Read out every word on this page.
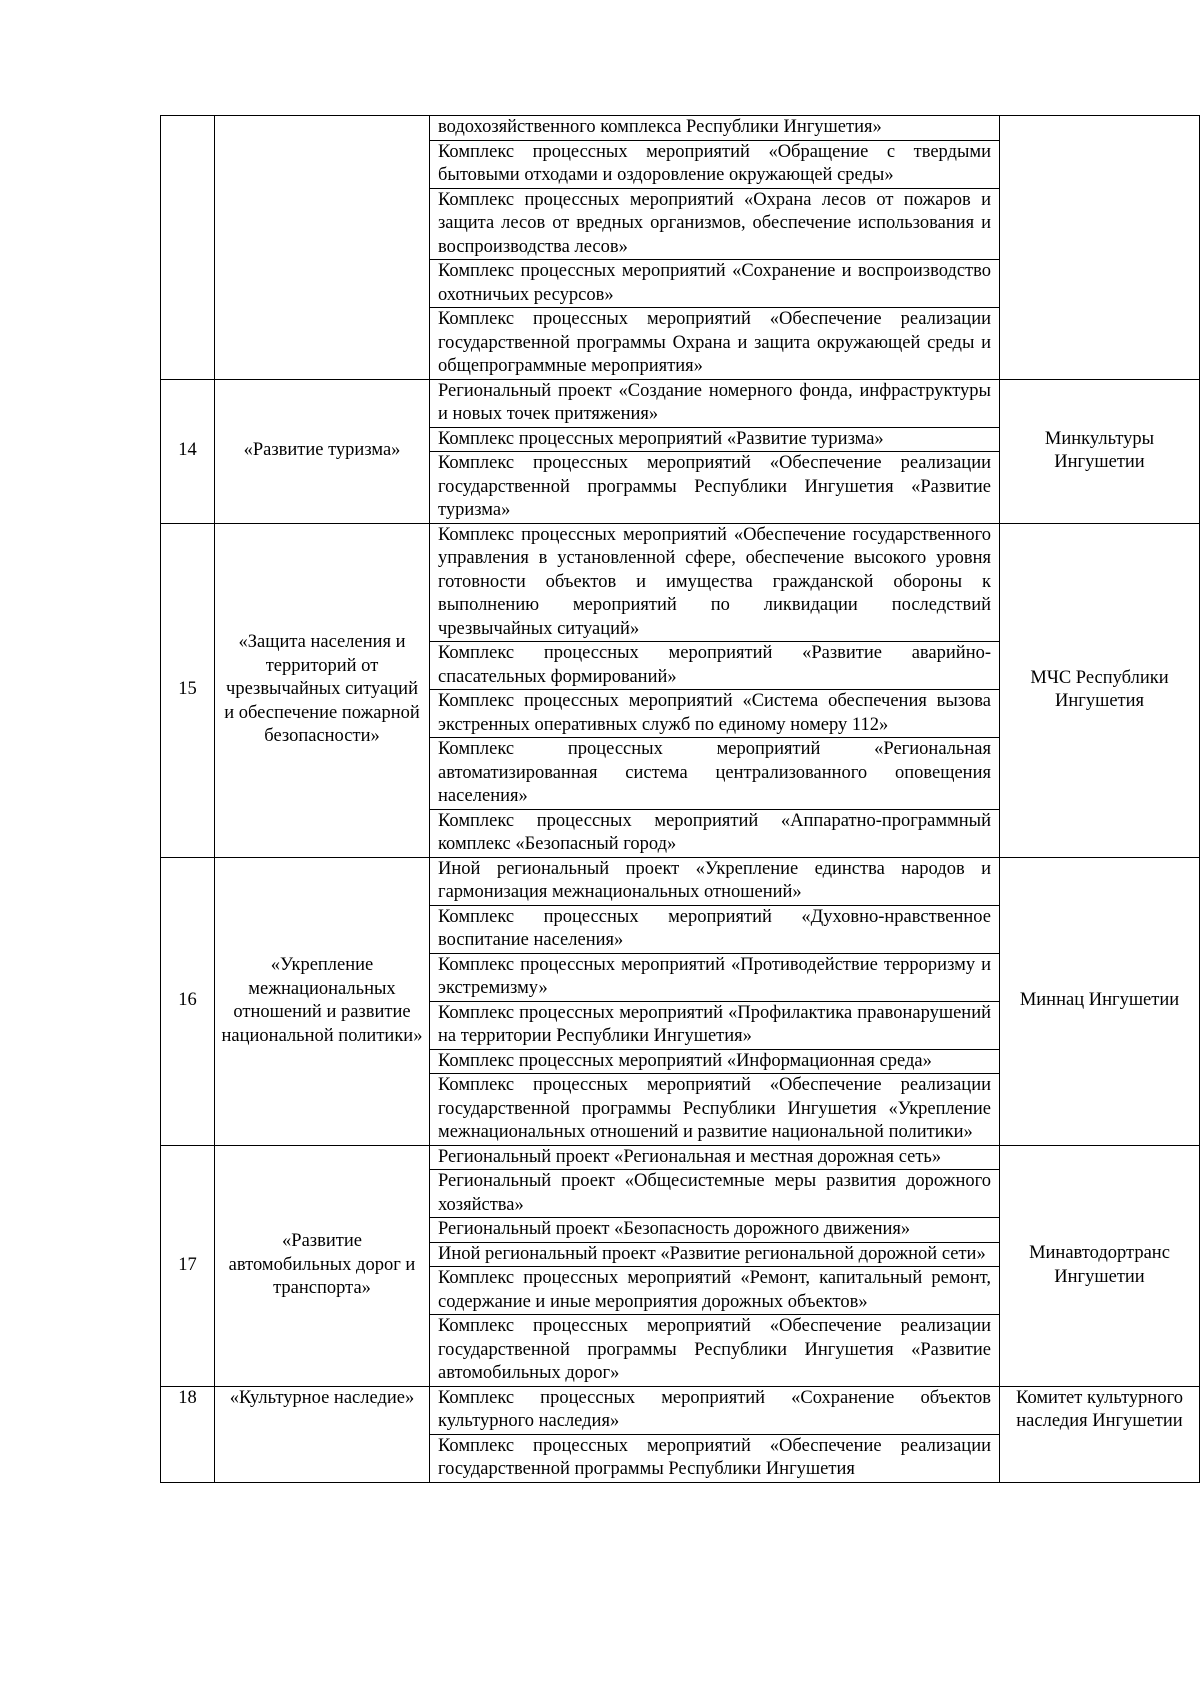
		водохозяйственного комплекса Республики Ингушетия»	
		Комплекс процессных мероприятий «Обращение с твердыми бытовыми отходами и оздоровление окружающей среды»	
		Комплекс процессных мероприятий «Охрана лесов от пожаров и защита лесов от вредных организмов, обеспечение использования и воспроизводства лесов»	
		Комплекс процессных мероприятий «Сохранение и воспроизводство охотничьих ресурсов»	
		Комплекс процессных мероприятий «Обеспечение реализации государственной программы Охрана и защита окружающей среды и общепрограммные мероприятия»	
14	«Развитие туризма»	Региональный проект «Создание номерного фонда, инфраструктуры и новых точек притяжения»	Минкультуры Ингушетии
		Комплекс процессных мероприятий «Развитие туризма»	
		Комплекс процессных мероприятий «Обеспечение реализации государственной программы Республики Ингушетия «Развитие туризма»	
15	«Защита населения и территорий от чрезвычайных ситуаций и обеспечение пожарной безопасности»	Комплекс процессных мероприятий «Обеспечение государственного управления в установленной сфере, обеспечение высокого уровня готовности объектов и имущества гражданской обороны к выполнению мероприятий по ликвидации последствий чрезвычайных ситуаций»	МЧС Республики Ингушетия
		Комплекс процессных мероприятий «Развитие аварийно-спасательных формирований»	
		Комплекс процессных мероприятий «Система обеспечения вызова экстренных оперативных служб по единому номеру 112»	
		Комплекс процессных мероприятий «Региональная автоматизированная система централизованного оповещения населения»	
		Комплекс процессных мероприятий «Аппаратно-программный комплекс «Безопасный город»	
16	«Укрепление межнациональных отношений и развитие национальной политики»	Иной региональный проект «Укрепление единства народов и гармонизация межнациональных отношений»	Миннац Ингушетии
		Комплекс процессных мероприятий «Духовно-нравственное воспитание населения»	
		Комплекс процессных мероприятий «Противодействие терроризму и экстремизму»	
		Комплекс процессных мероприятий «Профилактика правонарушений на территории Республики Ингушетия»	
		Комплекс процессных мероприятий «Информационная среда»	
		Комплекс процессных мероприятий «Обеспечение реализации государственной программы Республики Ингушетия «Укрепление межнациональных отношений и развитие национальной политики»	
17	«Развитие автомобильных дорог и транспорта»	Региональный проект «Региональная и местная дорожная сеть»	Минавтодортранс Ингушетии
		Региональный проект «Общесистемные меры развития дорожного хозяйства»	
		Региональный проект «Безопасность дорожного движения»	
		Иной региональный проект «Развитие региональной дорожной сети»	
		Комплекс процессных мероприятий «Ремонт, капитальный ремонт, содержание и иные мероприятия дорожных объектов»	
		Комплекс процессных мероприятий «Обеспечение реализации государственной программы Республики Ингушетия «Развитие автомобильных дорог»	
18	«Культурное наследие»	Комплекс процессных мероприятий «Сохранение объектов культурного наследия»	Комитет культурного наследия Ингушетии
		Комплекс процессных мероприятий «Обеспечение реализации государственной программы Республики Ингушетия	
